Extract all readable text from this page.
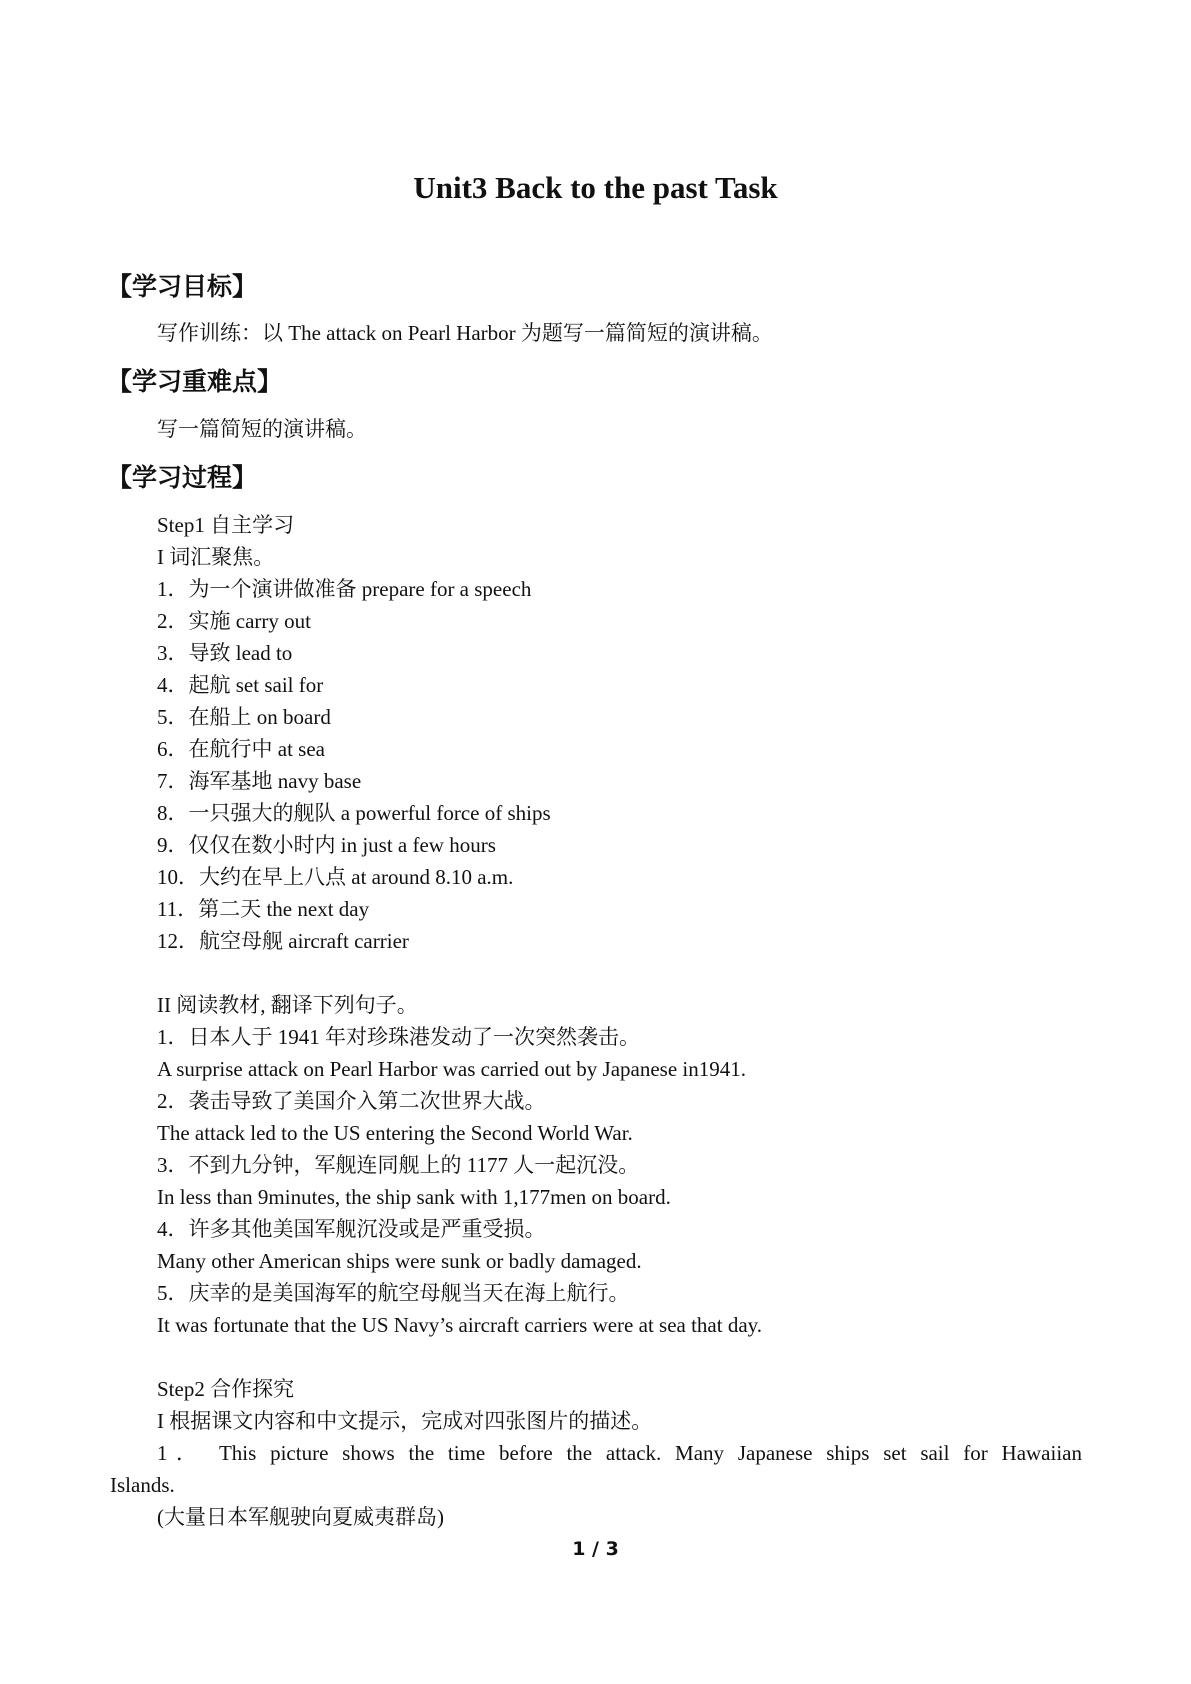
Unit3 Back to the past Task
【学习目标】
写作训练：以 The attack on Pearl Harbor 为题写一篇简短的演讲稿。
【学习重难点】
写一篇简短的演讲稿。
【学习过程】
Step1 自主学习
I 词汇聚焦。
1．为一个演讲做准备 prepare for a speech
2．实施 carry out
3．导致 lead to
4．起航 set sail for
5．在船上 on board
6．在航行中 at sea
7．海军基地 navy base
8．一只强大的舰队 a powerful force of ships
9．仅仅在数小时内 in just a few hours
10．大约在早上八点 at around 8.10 a.m.
11．第二天 the next day
12．航空母舰 aircraft carrier
II 阅读教材, 翻译下列句子。
1．日本人于 1941 年对珍珠港发动了一次突然袭击。
A surprise attack on Pearl Harbor was carried out by Japanese in1941.
2．袭击导致了美国介入第二次世界大战。
The attack led to the US entering the Second World War.
3．不到九分钟，军舰连同舰上的 1177 人一起沉没。
In less than 9minutes, the ship sank with 1,177men on board.
4．许多其他美国军舰沉没或是严重受损。
Many other American ships were sunk or badly damaged.
5．庆幸的是美国海军的航空母舰当天在海上航行。
It was fortunate that the US Navy’s aircraft carriers were at sea that day.
Step2 合作探究
I 根据课文内容和中文提示，完成对四张图片的描述。
1． This picture shows the time before the attack. Many Japanese ships set sail for Hawaiian
Islands.
(大量日本军舰驶向夏威夷群岛)
1 / 3
